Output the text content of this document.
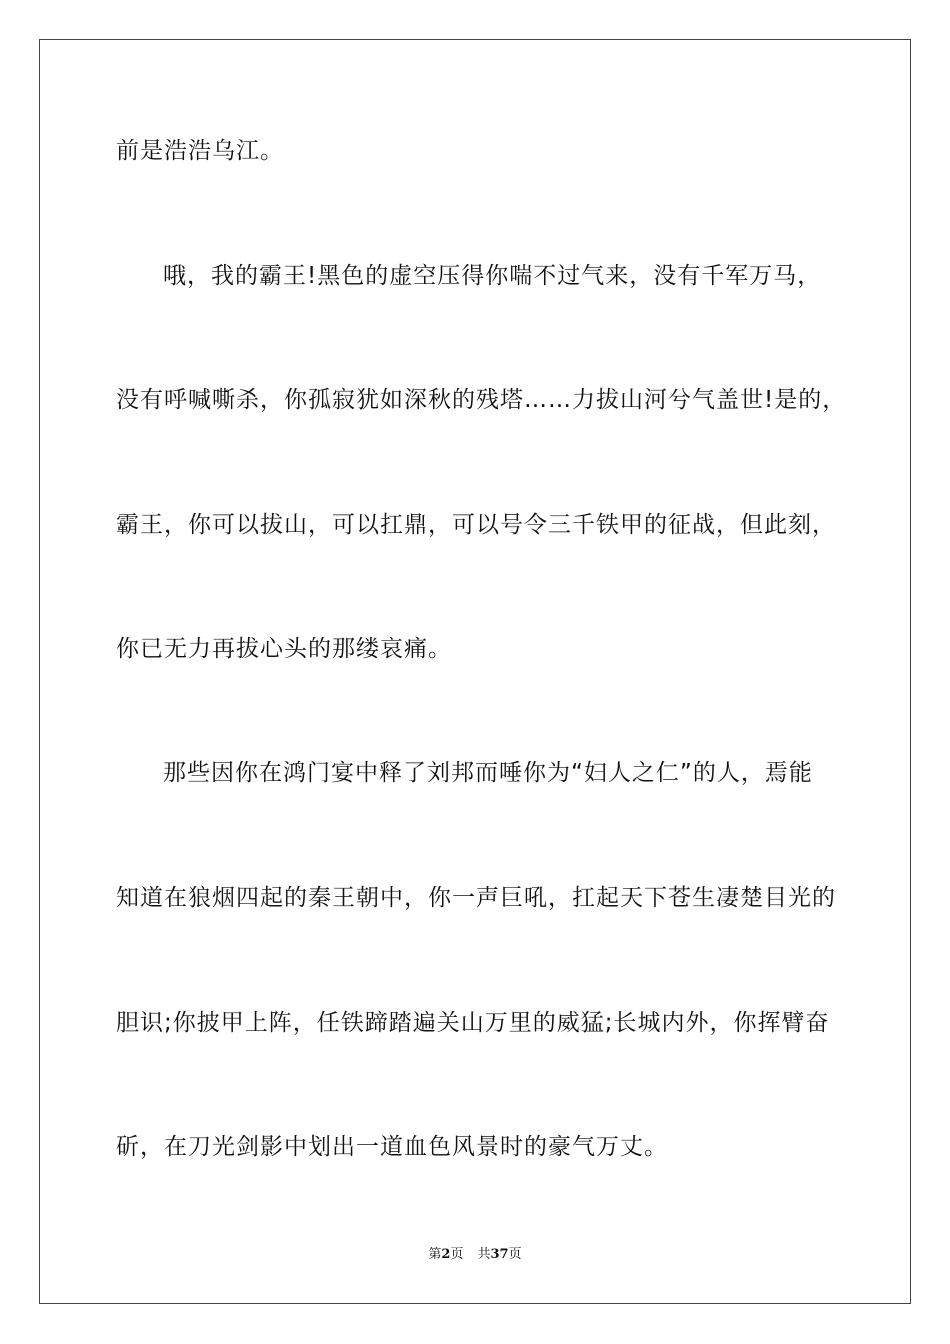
前是浩浩乌江。

哦，我的霸王!黑色的虚空压得你喘不过气来，没有千军万马，

没有呼喊嘶杀，你孤寂犹如深秋的残塔……力拔山河兮气盖世!是的，

霸王，你可以拔山，可以扛鼎，可以号令三千铁甲的征战，但此刻，

你已无力再拔心头的那缕哀痛。

那些因你在鸿门宴中释了刘邦而唾你为“妇人之仁”的人，焉能

知道在狼烟四起的秦王朝中，你一声巨吼，扛起天下苍生凄楚目光的

胆识;你披甲上阵，任铁蹄踏遍关山万里的威猛;长城内外，你挥臂奋

斫，在刀光剑影中划出一道血色风景时的豪气万丈。

第2页 共37页
